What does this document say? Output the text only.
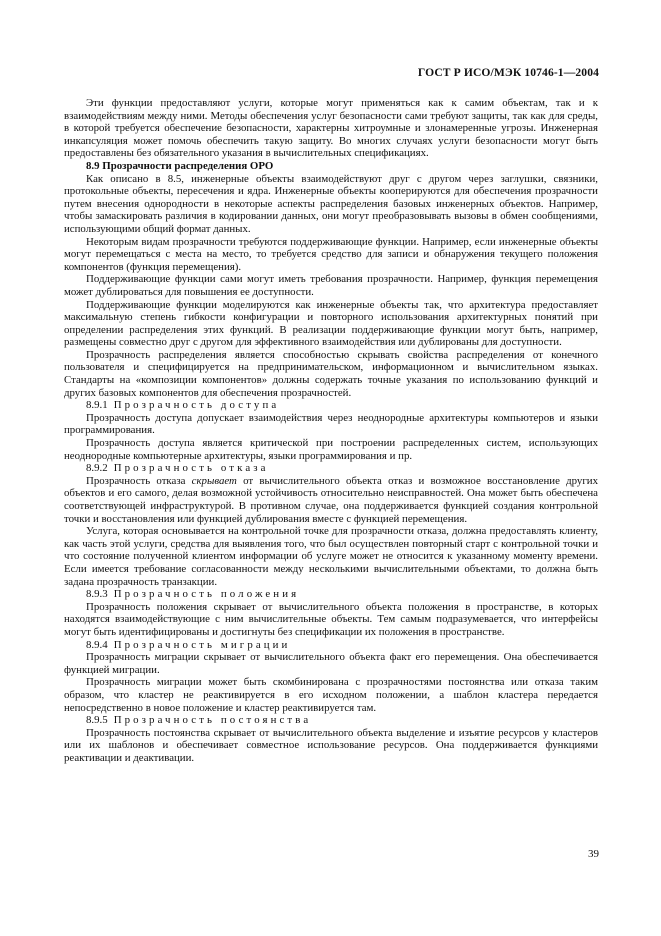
ГОСТ Р ИСО/МЭК 10746-1—2004

Эти функции предоставляют услуги, которые могут применяться как к самим объектам, так и к взаимодействиям между ними. Методы обеспечения услуг безопасности сами требуют защиты, так как для среды, в которой требуется обеспечение безопасности, характерны хитроумные и злонамеренные угрозы. Инженерная инкапсуляция может помочь обеспечить такую защиту. Во многих случаях услуги безопасности могут быть предоставлены без обязательного указания в вычислительных спецификациях.

8.9 Прозрачности распределения ОРО

Как описано в 8.5, инженерные объекты взаимодействуют друг с другом через заглушки, связники, протокольные объекты, пересечения и ядра. Инженерные объекты кооперируются для обеспечения прозрачности путем внесения однородности в некоторые аспекты распределения базовых инженерных объектов. Например, чтобы замаскировать различия в кодировании данных, они могут преобразовывать вызовы в обмен сообщениями, использующими общий формат данных.

Некоторым видам прозрачности требуются поддерживающие функции. Например, если инженерные объекты могут перемещаться с места на место, то требуется средство для записи и обнаружения текущего положения компонентов (функция перемещения).

Поддерживающие функции сами могут иметь требования прозрачности. Например, функция перемещения может дублироваться для повышения ее доступности.

Поддерживающие функции моделируются как инженерные объекты так, что архитектура предоставляет максимальную степень гибкости конфигурации и повторного использования архитектурных понятий при определении распределения этих функций. В реализации поддерживающие функции могут быть, например, размещены совместно друг с другом для эффективного взаимодействия или дублированы для доступности.

Прозрачность распределения является способностью скрывать свойства распределения от конечного пользователя и специфицируется на предпринимательском, информационном и вычислительном языках. Стандарты на «композиции компонентов» должны содержать точные указания по использованию функций и других базовых компонентов для обеспечения прозрачностей.

8.9.1 Прозрачность доступа

Прозрачность доступа допускает взаимодействия через неоднородные архитектуры компьютеров и языки программирования.

Прозрачность доступа является критической при построении распределенных систем, использующих неоднородные компьютерные архитектуры, языки программирования и пр.

8.9.2 Прозрачность отказа

Прозрачность отказа скрывает от вычислительного объекта отказ и возможное восстановление других объектов и его самого, делая возможной устойчивость относительно неисправностей. Она может быть обеспечена соответствующей инфраструктурой. В противном случае, она поддерживается функцией создания контрольной точки и восстановления или функцией дублирования вместе с функцией перемещения.

Услуга, которая основывается на контрольной точке для прозрачности отказа, должна предоставлять клиенту, как часть этой услуги, средства для выявления того, что был осуществлен повторный старт с контрольной точки и что состояние полученной клиентом информации об услуге может не относится к указанному моменту времени. Если имеется требование согласованности между несколькими вычислительными объектами, то должна быть задана прозрачность транзакции.

8.9.3 Прозрачность положения

Прозрачность положения скрывает от вычислительного объекта положения в пространстве, в которых находятся взаимодействующие с ним вычислительные объекты. Тем самым подразумевается, что интерфейсы могут быть идентифицированы и достигнуты без спецификации их положения в пространстве.

8.9.4 Прозрачность миграции

Прозрачность миграции скрывает от вычислительного объекта факт его перемещения. Она обеспечивается функцией миграции.

Прозрачность миграции может быть скомбинирована с прозрачностями постоянства или отказа таким образом, что кластер не реактивируется в его исходном положении, а шаблон кластера передается непосредственно в новое положение и кластер реактивируется там.

8.9.5 Прозрачность постоянства

Прозрачность постоянства скрывает от вычислительного объекта выделение и изъятие ресурсов у кластеров или их шаблонов и обеспечивает совместное использование ресурсов. Она поддерживается функциями реактивации и деактивации.

39
